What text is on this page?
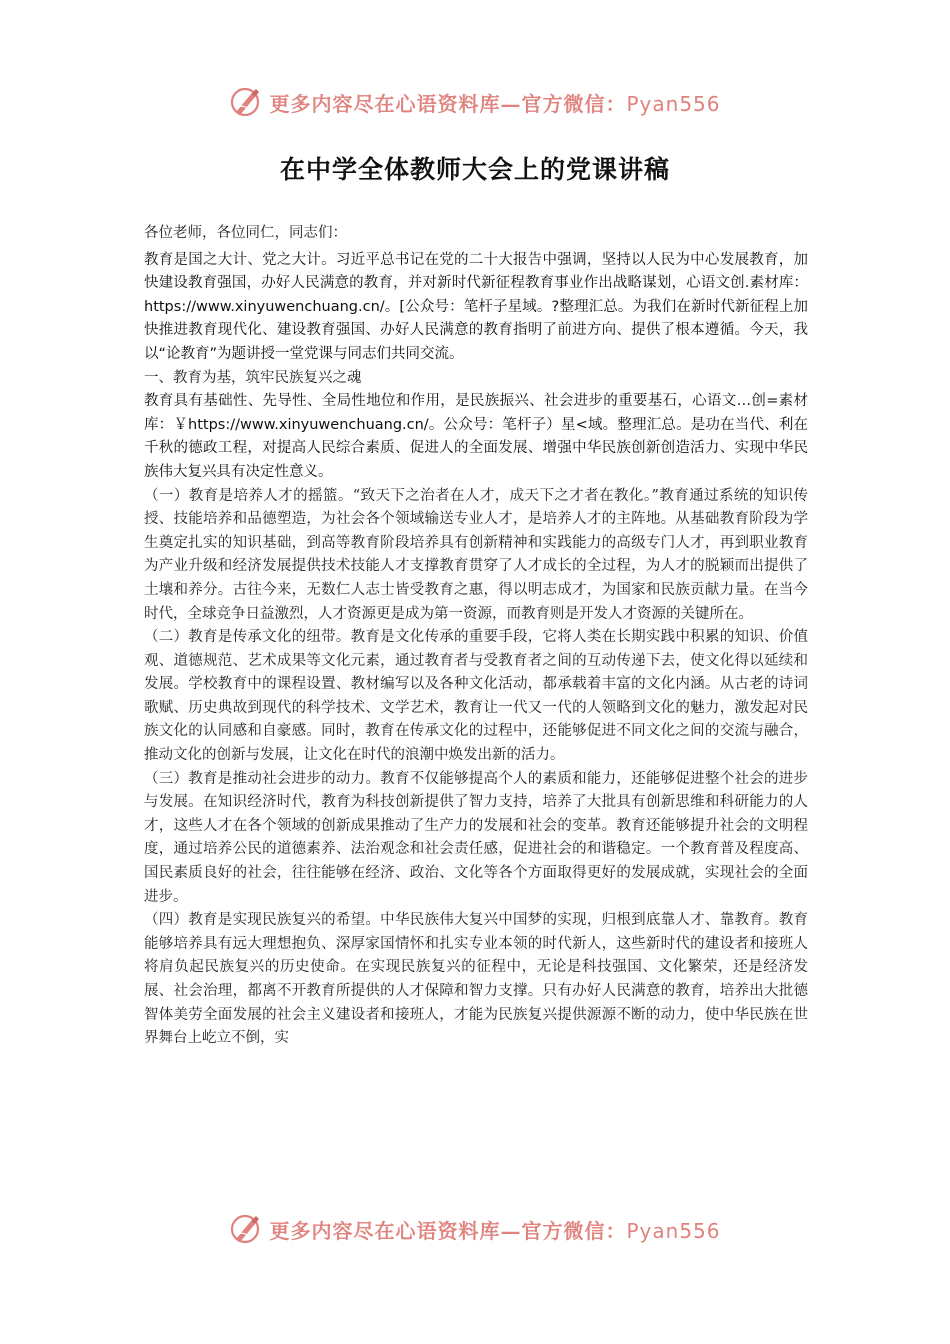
更多内容尽在心语资料库—官方微信：Pyan556
在中学全体教师大会上的党课讲稿

各位老师，各位同仁，同志们：

教育是国之大计、党之大计。习近平总书记在党的二十大报告中强调，坚持以人民为中心发展教育，加快建设教育强国，办好人民满意的教育，并对新时代新征程教育事业作出战略谋划，心语文创.素材库：https://www.xinyuwenchuang.cn/。[公众号：笔杆子星域。?整理汇总。为我们在新时代新征程上加快推进教育现代化、建设教育强国、办好人民满意的教育指明了前进方向、提供了根本遵循。今天，我以“论教育”为题讲授一堂党课与同志们共同交流。

一、教育为基，筑牢民族复兴之魂

教育具有基础性、先导性、全局性地位和作用，是民族振兴、社会进步的重要基石，心语文…创=素材库：￥https://www.xinyuwenchuang.cn/。公众号：笔杆子）星<域。整理汇总。是功在当代、利在千秋的德政工程，对提高人民综合素质、促进人的全面发展、增强中华民族创新创造活力、实现中华民族伟大复兴具有决定性意义。

（一）教育是培养人才的摇篮。“致天下之治者在人才，成天下之才者在教化。”教育通过系统的知识传授、技能培养和品德塑造，为社会各个领域输送专业人才，是培养人才的主阵地。从基础教育阶段为学生奠定扎实的知识基础，到高等教育阶段培养具有创新精神和实践能力的高级专门人才，再到职业教育为产业升级和经济发展提供技术技能人才支撑教育贯穿了人才成长的全过程，为人才的脱颖而出提供了土壤和养分。古往今来，无数仁人志士皆受教育之惠，得以明志成才，为国家和民族贡献力量。在当今时代，全球竞争日益激烈，人才资源更是成为第一资源，而教育则是开发人才资源的关键所在。

（二）教育是传承文化的纽带。教育是文化传承的重要手段，它将人类在长期实践中积累的知识、价值观、道德规范、艺术成果等文化元素，通过教育者与受教育者之间的互动传递下去，使文化得以延续和发展。学校教育中的课程设置、教材编写以及各种文化活动，都承载着丰富的文化内涵。从古老的诗词歌赋、历史典故到现代的科学技术、文学艺术，教育让一代又一代的人领略到文化的魅力，激发起对民族文化的认同感和自豪感。同时，教育在传承文化的过程中，还能够促进不同文化之间的交流与融合，推动文化的创新与发展，让文化在时代的浪潮中焕发出新的活力。

（三）教育是推动社会进步的动力。教育不仅能够提高个人的素质和能力，还能够促进整个社会的进步与发展。在知识经济时代，教育为科技创新提供了智力支持，培养了大批具有创新思维和科研能力的人才，这些人才在各个领域的创新成果推动了生产力的发展和社会的变革。教育还能够提升社会的文明程度，通过培养公民的道德素养、法治观念和社会责任感，促进社会的和谐稳定。一个教育普及程度高、国民素质良好的社会，往往能够在经济、政治、文化等各个方面取得更好的发展成就，实现社会的全面进步。

（四）教育是实现民族复兴的希望。中华民族伟大复兴中国梦的实现，归根到底靠人才、靠教育。教育能够培养具有远大理想抱负、深厚家国情怀和扎实专业本领的时代新人，这些新时代的建设者和接班人将肩负起民族复兴的历史使命。在实现民族复兴的征程中，无论是科技强国、文化繁荣，还是经济发展、社会治理，都离不开教育所提供的人才保障和智力支撑。只有办好人民满意的教育，培养出大批德智体美劳全面发展的社会主义建设者和接班人，才能为民族复兴提供源源不断的动力，使中华民族在世界舞台上屹立不倒，实

更多内容尽在心语资料库—官方微信：Pyan556
